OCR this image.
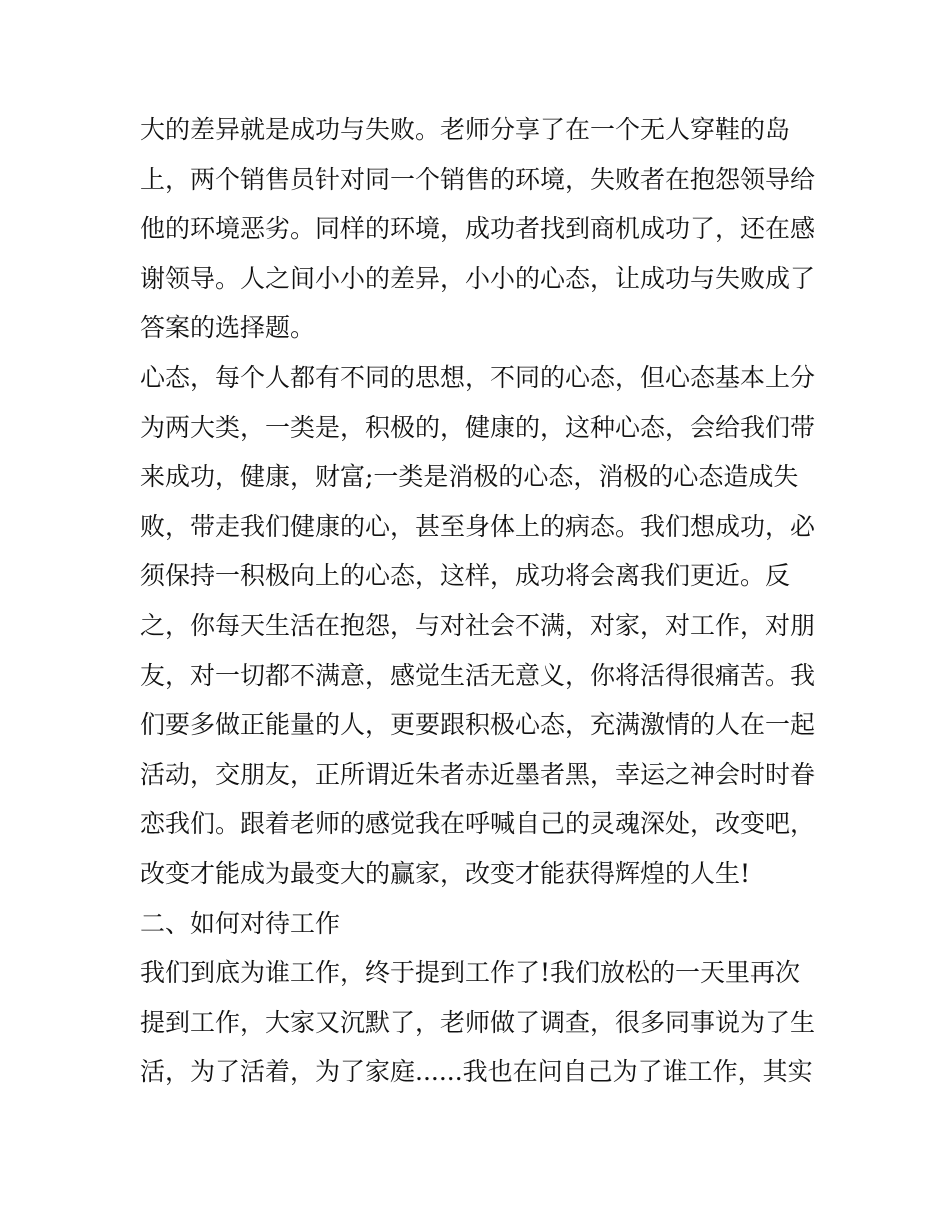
大的差异就是成功与失败。老师分享了在一个无人穿鞋的岛
上，两个销售员针对同一个销售的环境，失败者在抱怨领导给
他的环境恶劣。同样的环境，成功者找到商机成功了，还在感
谢领导。人之间小小的差异，小小的心态，让成功与失败成了
答案的选择题。
心态，每个人都有不同的思想，不同的心态，但心态基本上分
为两大类，一类是，积极的，健康的，这种心态，会给我们带
来成功，健康，财富;一类是消极的心态，消极的心态造成失
败，带走我们健康的心，甚至身体上的病态。我们想成功，必
须保持一积极向上的心态，这样，成功将会离我们更近。反
之，你每天生活在抱怨，与对社会不满，对家，对工作，对朋
友，对一切都不满意，感觉生活无意义，你将活得很痛苦。我
们要多做正能量的人，更要跟积极心态，充满激情的人在一起
活动，交朋友，正所谓近朱者赤近墨者黑，幸运之神会时时眷
恋我们。跟着老师的感觉我在呼喊自己的灵魂深处，改变吧，
改变才能成为最变大的赢家，改变才能获得辉煌的人生!
二、如何对待工作
我们到底为谁工作，终于提到工作了!我们放松的一天里再次
提到工作，大家又沉默了，老师做了调查，很多同事说为了生
活，为了活着，为了家庭......我也在问自己为了谁工作，其实
